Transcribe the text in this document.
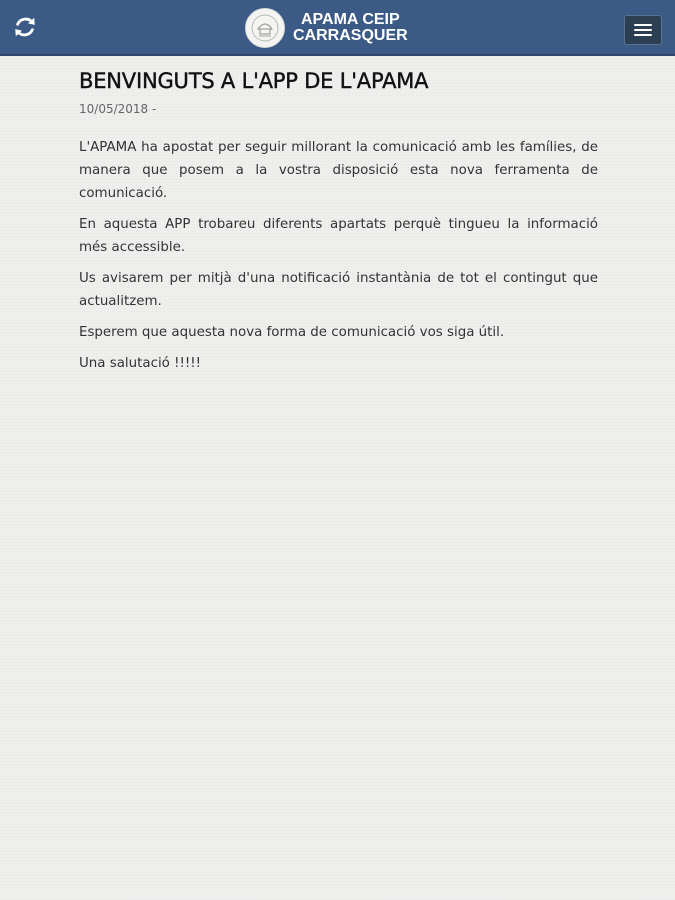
APAMA CEIP
CARRASQUER
BENVINGUTS A L'APP DE L'APAMA
10/05/2018 -

L'APAMA ha apostat per seguir millorant la comunicació amb les famílies, de manera que posem a la vostra disposició esta nova ferramenta de comunicació.

En aquesta APP trobareu diferents apartats perquè tingueu la informació més accessible.

Us avisarem per mitjà d'una notificació instantània de tot el contingut que actualitzem.

Esperem que aquesta nova forma de comunicació vos siga útil.

Una salutació !!!!!
